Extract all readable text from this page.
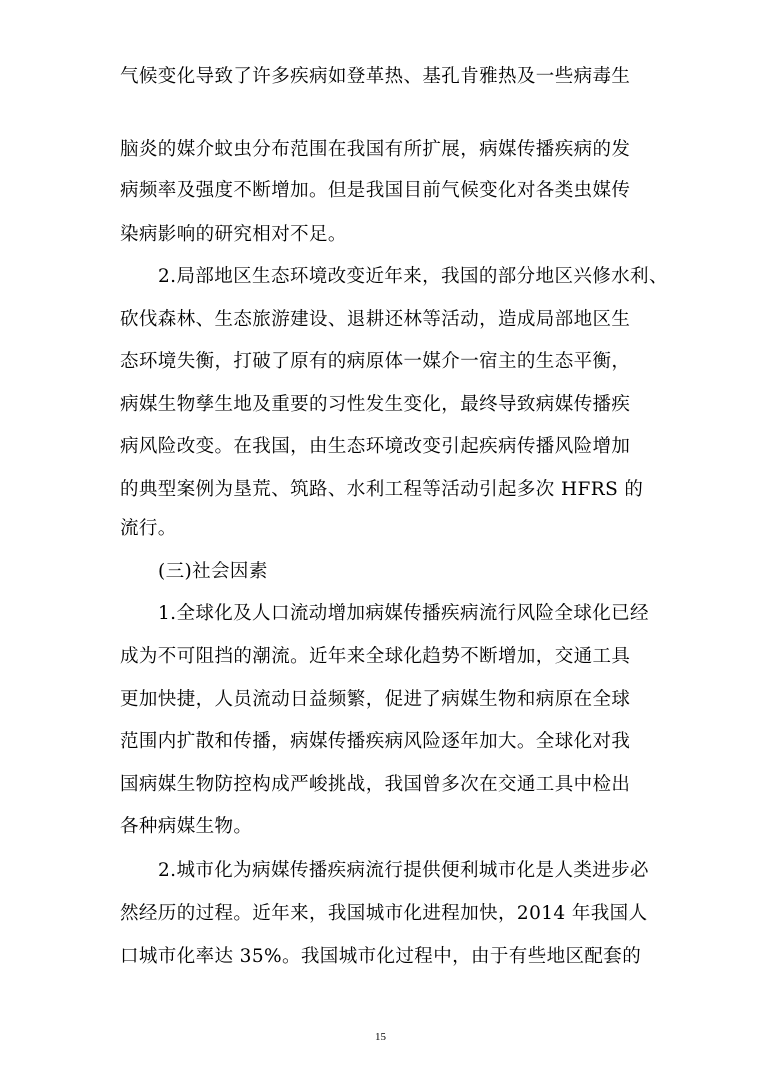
气候变化导致了许多疾病如登革热、基孔肯雅热及一些病毒生
脑炎的媒介蚊虫分布范围在我国有所扩展，病媒传播疾病的发
病频率及强度不断增加。但是我国目前气候变化对各类虫媒传
染病影响的研究相对不足。
2.局部地区生态环境改变近年来，我国的部分地区兴修水利、
砍伐森林、生态旅游建设、退耕还林等活动，造成局部地区生
态环境失衡，打破了原有的病原体一媒介一宿主的生态平衡，
病媒生物孳生地及重要的习性发生变化，最终导致病媒传播疾
病风险改变。在我国，由生态环境改变引起疾病传播风险增加
的典型案例为垦荒、筑路、水利工程等活动引起多次 HFRS 的
流行。
(三)社会因素
1.全球化及人口流动增加病媒传播疾病流行风险全球化已经
成为不可阻挡的潮流。近年来全球化趋势不断增加，交通工具
更加快捷，人员流动日益频繁，促进了病媒生物和病原在全球
范围内扩散和传播，病媒传播疾病风险逐年加大。全球化对我
国病媒生物防控构成严峻挑战，我国曾多次在交通工具中检出
各种病媒生物。
2.城市化为病媒传播疾病流行提供便利城市化是人类进步必
然经历的过程。近年来，我国城市化进程加快，2014 年我国人
口城市化率达 35%。我国城市化过程中，由于有些地区配套的
15
